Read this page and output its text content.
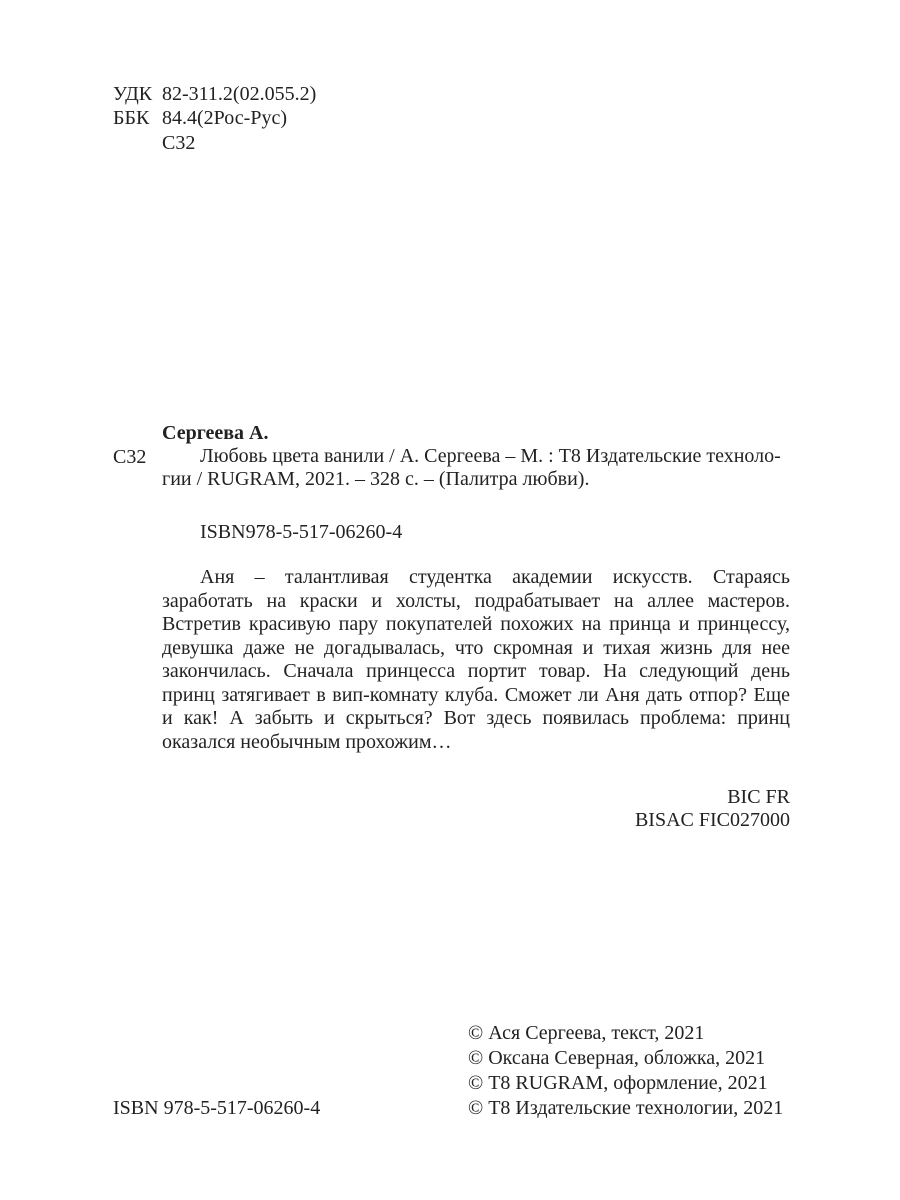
УДК 82-311.2(02.055.2)
ББК 84.4(2Рос-Рус)
С32
Сергеева А.
С32	Любовь цвета ванили / А. Сергеева – М. : Т8 Издательские техноло-
гии / RUGRAM, 2021. – 328 с. – (Палитра любви).
ISBN978-5-517-06260-4
Аня – талантливая студентка академии искусств. Стараясь заработать на краски и холсты, подрабатывает на аллее мастеров. Встретив красивую пару покупателей похожих на принца и принцессу, девушка даже не догадывалась, что скромная и тихая жизнь для нее закончилась. Сначала принцесса портит товар. На следующий день принц затягивает в вип-комнату клуба. Сможет ли Аня дать отпор? Еще и как! А забыть и скрыться? Вот здесь появилась проблема: принц оказался необычным прохожим…
BIC FR
BISAC FIC027000
© Ася Сергеева, текст, 2021
© Оксана Северная, обложка, 2021
© Т8 RUGRAM, оформление, 2021
© Т8 Издательские технологии, 2021
ISBN 978-5-517-06260-4
